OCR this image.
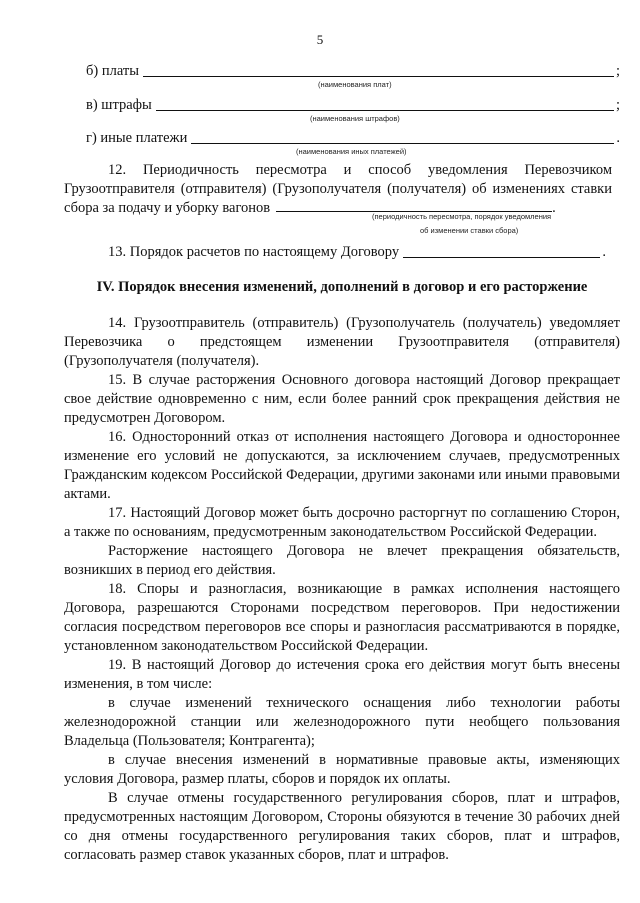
5
б) платы	;
(наименования плат)
в) штрафы	;
(наименования штрафов)
г) иные платежи	.
(наименования иных платежей)

12. Периодичность пересмотра и способ уведомления Перевозчиком Грузоотправителя (отправителя) (Грузополучателя (получателя) об изменениях ставки сбора за подачу и уборку вагонов	.

(периодичность пересмотра, порядок уведомления
об изменении ставки сбора)
13. Порядок расчетов по настоящему Договору	.
IV. Порядок внесения изменений, дополнений в договор и его расторжение

14. Грузоотправитель (отправитель) (Грузополучатель (получатель) уведомляет Перевозчика о предстоящем изменении Грузоотправителя (отправителя) (Грузополучателя (получателя).

15. В случае расторжения Основного договора настоящий Договор прекращает свое действие одновременно с ним, если более ранний срок прекращения действия не предусмотрен Договором.

16. Односторонний отказ от исполнения настоящего Договора и одностороннее изменение его условий не допускаются, за исключением случаев, предусмотренных Гражданским кодексом Российской Федерации, другими законами или иными правовыми актами.

17. Настоящий Договор может быть досрочно расторгнут по соглашению Сторон, а также по основаниям, предусмотренным законодательством Российской Федерации.

Расторжение настоящего Договора не влечет прекращения обязательств, возникших в период его действия.

18. Споры и разногласия, возникающие в рамках исполнения настоящего Договора, разрешаются Сторонами посредством переговоров. При недостижении согласия посредством переговоров все споры и разногласия рассматриваются в порядке, установленном законодательством Российской Федерации.

19. В настоящий Договор до истечения срока его действия могут быть внесены изменения, в том числе:

в случае изменений технического оснащения либо технологии работы железнодорожной станции или железнодорожного пути необщего пользования Владельца (Пользователя; Контрагента);

в случае внесения изменений в нормативные правовые акты, изменяющих условия Договора, размер платы, сборов и порядок их оплаты.

В случае отмены государственного регулирования сборов, плат и штрафов, предусмотренных настоящим Договором, Стороны обязуются в течение 30 рабочих дней со дня отмены государственного регулирования таких сборов, плат и штрафов, согласовать размер ставок указанных сборов, плат и штрафов.
